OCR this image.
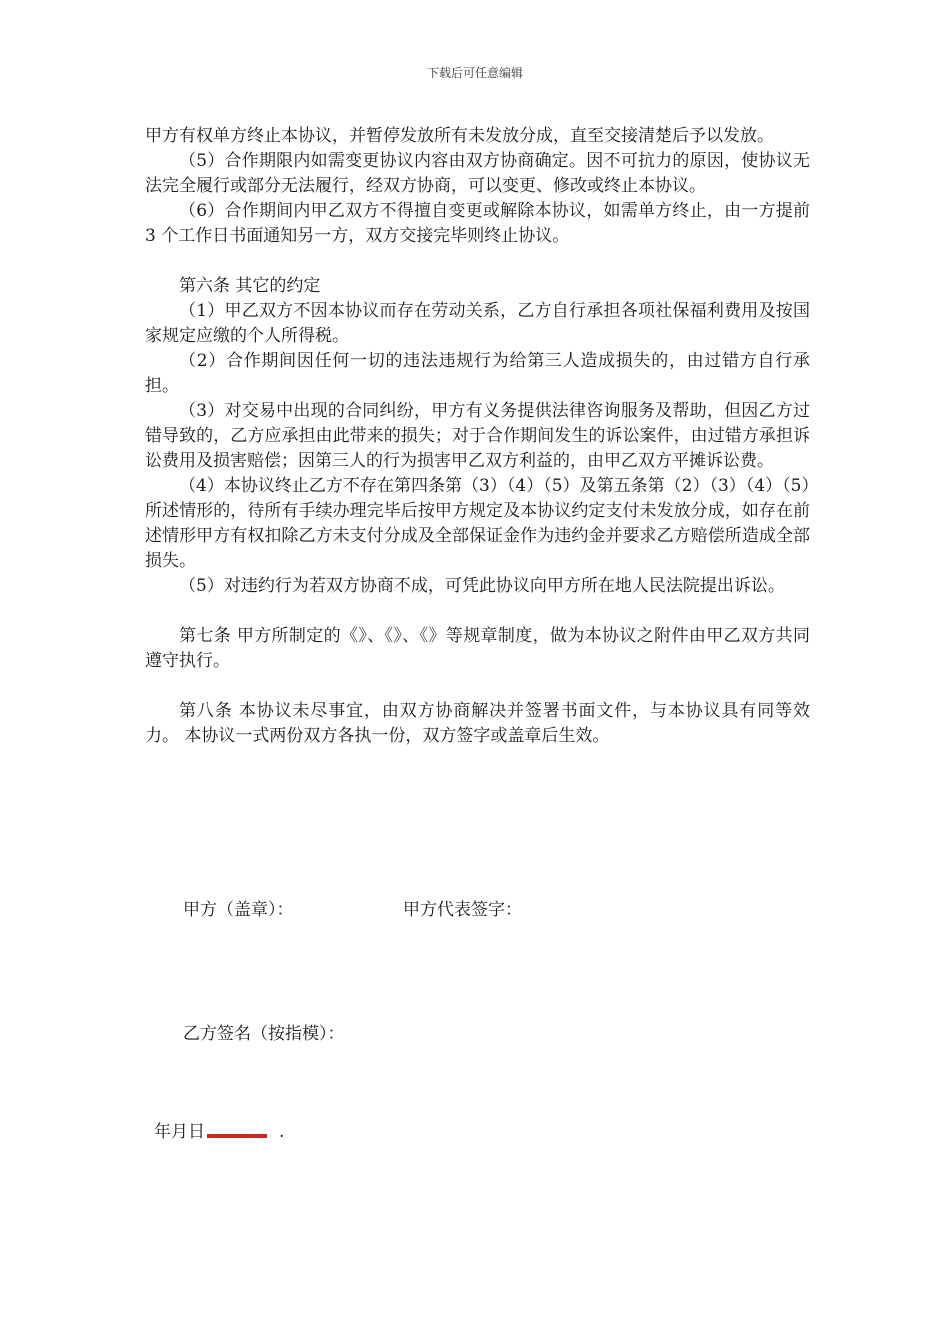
下载后可任意编辑

甲方有权单方终止本协议，并暂停发放所有未发放分成，直至交接清楚后予以发放。

（5）合作期限内如需变更协议内容由双方协商确定。因不可抗力的原因，使协议无法完全履行或部分无法履行，经双方协商，可以变更、修改或终止本协议。

（6）合作期间内甲乙双方不得擅自变更或解除本协议，如需单方终止，由一方提前 3 个工作日书面通知另一方，双方交接完毕则终止协议。

第六条 其它的约定

（1）甲乙双方不因本协议而存在劳动关系，乙方自行承担各项社保福利费用及按国家规定应缴的个人所得税。

（2）合作期间因任何一切的违法违规行为给第三人造成损失的，由过错方自行承担。

（3）对交易中出现的合同纠纷，甲方有义务提供法律咨询服务及帮助，但因乙方过错导致的，乙方应承担由此带来的损失；对于合作期间发生的诉讼案件，由过错方承担诉讼费用及损害赔偿；因第三人的行为损害甲乙双方利益的，由甲乙双方平摊诉讼费。

（4）本协议终止乙方不存在第四条第（3）（4）（5）及第五条第（2）（3）（4）（5）所述情形的，待所有手续办理完毕后按甲方规定及本协议约定支付未发放分成，如存在前述情形甲方有权扣除乙方未支付分成及全部保证金作为违约金并要求乙方赔偿所造成全部损失。

（5）对违约行为若双方协商不成，可凭此协议向甲方所在地人民法院提出诉讼。

第七条 甲方所制定的《》、《》、《》等规章制度，做为本协议之附件由甲乙双方共同遵守执行。

第八条 本协议未尽事宜，由双方协商解决并签署书面文件，与本协议具有同等效力。 本协议一式两份双方各执一份，双方签字或盖章后生效。

甲方（盖章）：	甲方代表签字：
乙方签名（按指模）：
年月日	.
